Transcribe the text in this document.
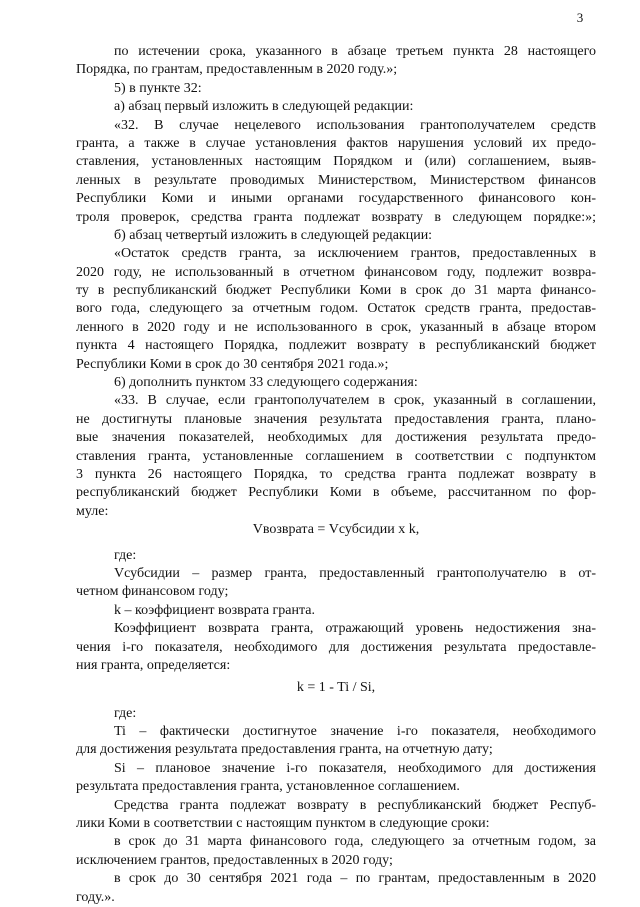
3
по истечении срока, указанного в абзаце третьем пункта 28 настоящего
Порядка, по грантам, предоставленным в 2020 году.»;
5) в пункте 32:
а) абзац первый изложить в следующей редакции:
«32. В случае нецелевого использования грантополучателем средств
гранта, а также в случае установления фактов нарушения условий их предо-
ставления, установленных настоящим Порядком и (или) соглашением, выяв-
ленных в результате проводимых Министерством, Министерством финансов
Республики Коми и иными органами государственного финансового кон-
троля проверок, средства гранта подлежат возврату в следующем порядке:»;
б) абзац четвертый изложить в следующей редакции:
«Остаток средств гранта, за исключением грантов, предоставленных в
2020 году, не использованный в отчетном финансовом году, подлежит возвра-
ту в республиканский бюджет Республики Коми в срок до 31 марта финансо-
вого года, следующего за отчетным годом. Остаток средств гранта, предостав-
ленного в 2020 году и не использованного в срок, указанный в абзаце втором
пункта 4 настоящего Порядка, подлежит возврату в республиканский бюджет
Республики Коми в срок до 30 сентября 2021 года.»;
6) дополнить пунктом 33 следующего содержания:
«33. В случае, если грантополучателем в срок, указанный в соглашении,
не достигнуты плановые значения результата предоставления гранта, плано-
вые значения показателей, необходимых для достижения результата предо-
ставления гранта, установленные соглашением в соответствии с подпунктом
3 пункта 26 настоящего Порядка, то средства гранта подлежат возврату в
республиканский бюджет Республики Коми в объеме, рассчитанном по фор-
муле:
Vвозврата = Vсубсидии x k,
где:
Vсубсидии – размер гранта, предоставленный грантополучателю в от-
четном финансовом году;
k – коэффициент возврата гранта.
Коэффициент возврата гранта, отражающий уровень недостижения зна-
чения i-го показателя, необходимого для достижения результата предоставле-
ния гранта, определяется:
k = 1 - Ti / Si,
где:
Ti – фактически достигнутое значение i-го показателя, необходимого
для достижения результата предоставления гранта, на отчетную дату;
Si – плановое значение i-го показателя, необходимого для достижения
результата предоставления гранта, установленное соглашением.
Средства гранта подлежат возврату в республиканский бюджет Респуб-
лики Коми в соответствии с настоящим пунктом в следующие сроки:
в срок до 31 марта финансового года, следующего за отчетным годом, за
исключением грантов, предоставленных в 2020 году;
в срок до 30 сентября 2021 года – по грантам, предоставленным в 2020
году.».
